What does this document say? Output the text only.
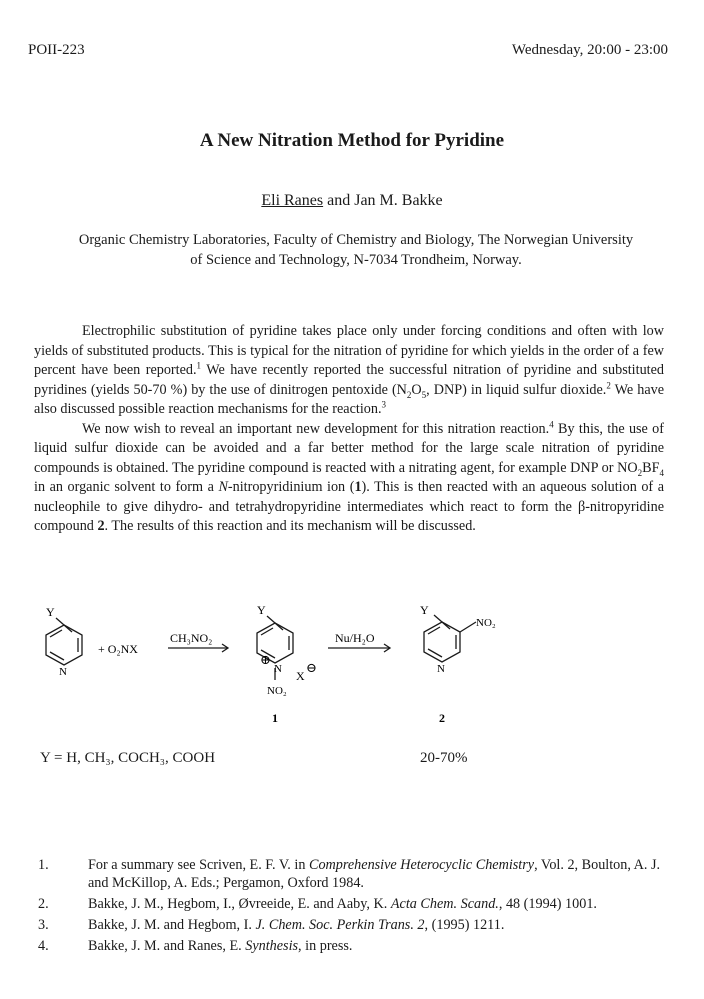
POII-223	Wednesday, 20:00 - 23:00
A New Nitration Method for Pyridine
Eli Ranes and Jan M. Bakke
Organic Chemistry Laboratories, Faculty of Chemistry and Biology, The Norwegian University
of Science and Technology, N-7034 Trondheim, Norway.

Electrophilic substitution of pyridine takes place only under forcing conditions and often with low yields of substituted products. This is typical for the nitration of pyridine for which yields in the order of a few percent have been reported.$^1$ We have recently reported the successful nitration of pyridine and substituted pyridines (yields 50-70 %) by the use of dinitrogen pentoxide ($N_2O_5$, DNP) in liquid sulfur dioxide.$^2$ We have also discussed possible reaction mechanisms for the reaction.$^3$

We now wish to reveal an important new development for this nitration reaction.$^4$ By this, the use of liquid sulfur dioxide can be avoided and a far better method for the large scale nitration of pyridine compounds is obtained. The pyridine compound is reacted with a nitrating agent, for example DNP or $NO_2BF_4$ in an organic solvent to form a N-nitropyridinium ion (1). This is then reacted with an aqueous solution of a nucleophile to give dihydro- and tetrahydropyridine intermediates which react to form the β-nitropyridine compound 2. The results of this reaction and its mechanism will be discussed.

Y
N
+ O₂NX
CH₃NO₂
Y
⊕
N X
⊖
NO₂
1
Nu/H₂O
Y
NO₂
N
2
Y = H, CH₃, COCH₃, COOH	20-70%
1.	For a summary see Scriven, E. F. V. in Comprehensive Heterocyclic Chemistry, Vol. 2, Boulton, A. J. and McKillop, A. Eds.; Pergamon, Oxford 1984.
2.	Bakke, J. M., Hegbom, I., Øvreeide, E. and Aaby, K. Acta Chem. Scand., 48 (1994) 1001.
3.	Bakke, J. M. and Hegbom, I. J. Chem. Soc. Perkin Trans. 2, (1995) 1211.
4.	Bakke, J. M. and Ranes, E. Synthesis, in press.
